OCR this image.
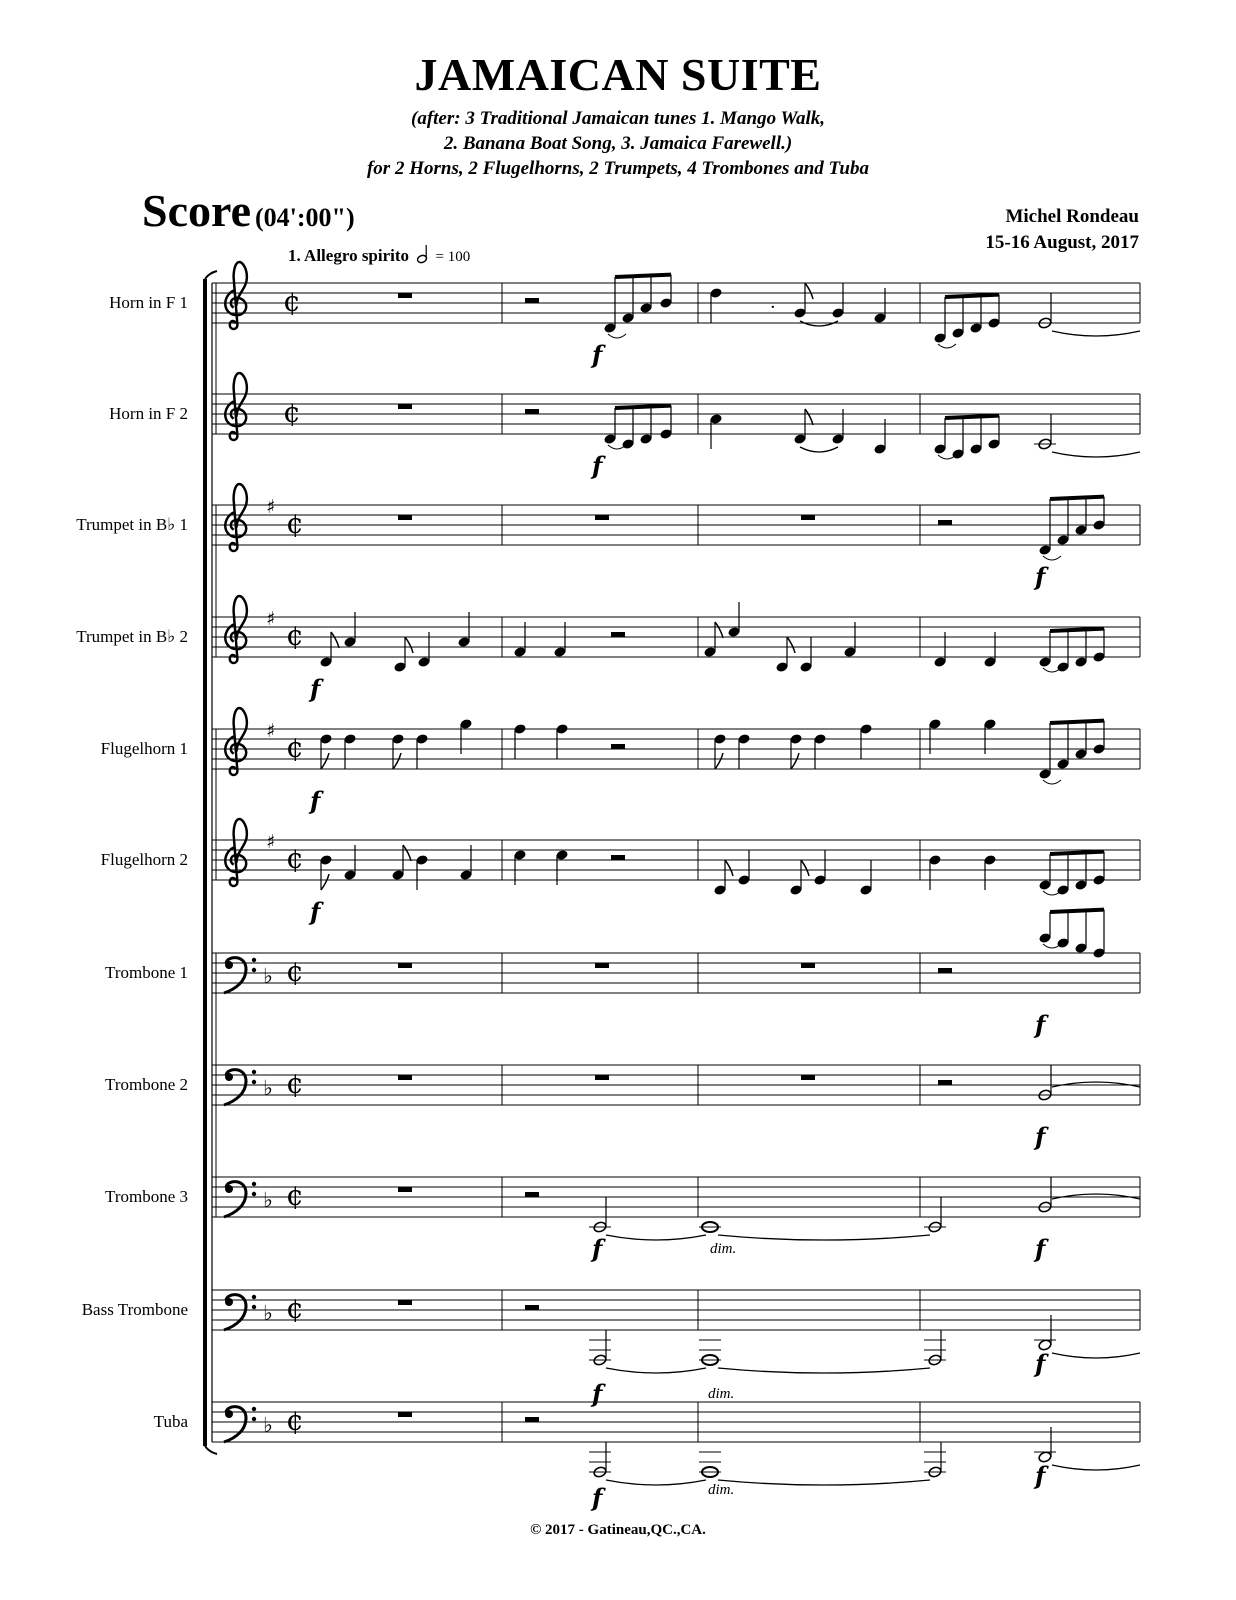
JAMAICAN SUITE
(after: 3 Traditional Jamaican tunes 1. Mango Walk,
2. Banana Boat Song, 3. Jamaica Farewell.)
for 2 Horns, 2 Flugelhorns, 2 Trumpets, 4 Trombones and Tuba
Score (04':00")	Michel Rondeau
15-16 August, 2017
1. Allegro spirito = 100
Horn in F 1
Horn in F 2
Trumpet in B♭ 1
Trumpet in B♭ 2
Flugelhorn 1
Flugelhorn 2
Trombone 1
Trombone 2
Trombone 3
Bass Trombone
Tuba
¢
¢
♯ ¢
♯ ¢
♯ ¢
♯ ¢
♭ ¢
♭ ¢
♭ ¢
♭ ¢
♭ ¢
f
·
f
f
f
f
f
f
f
f	dim.	f
f	dim.
f
f	dim.	f
© 2017 - Gatineau,QC.,CA.
